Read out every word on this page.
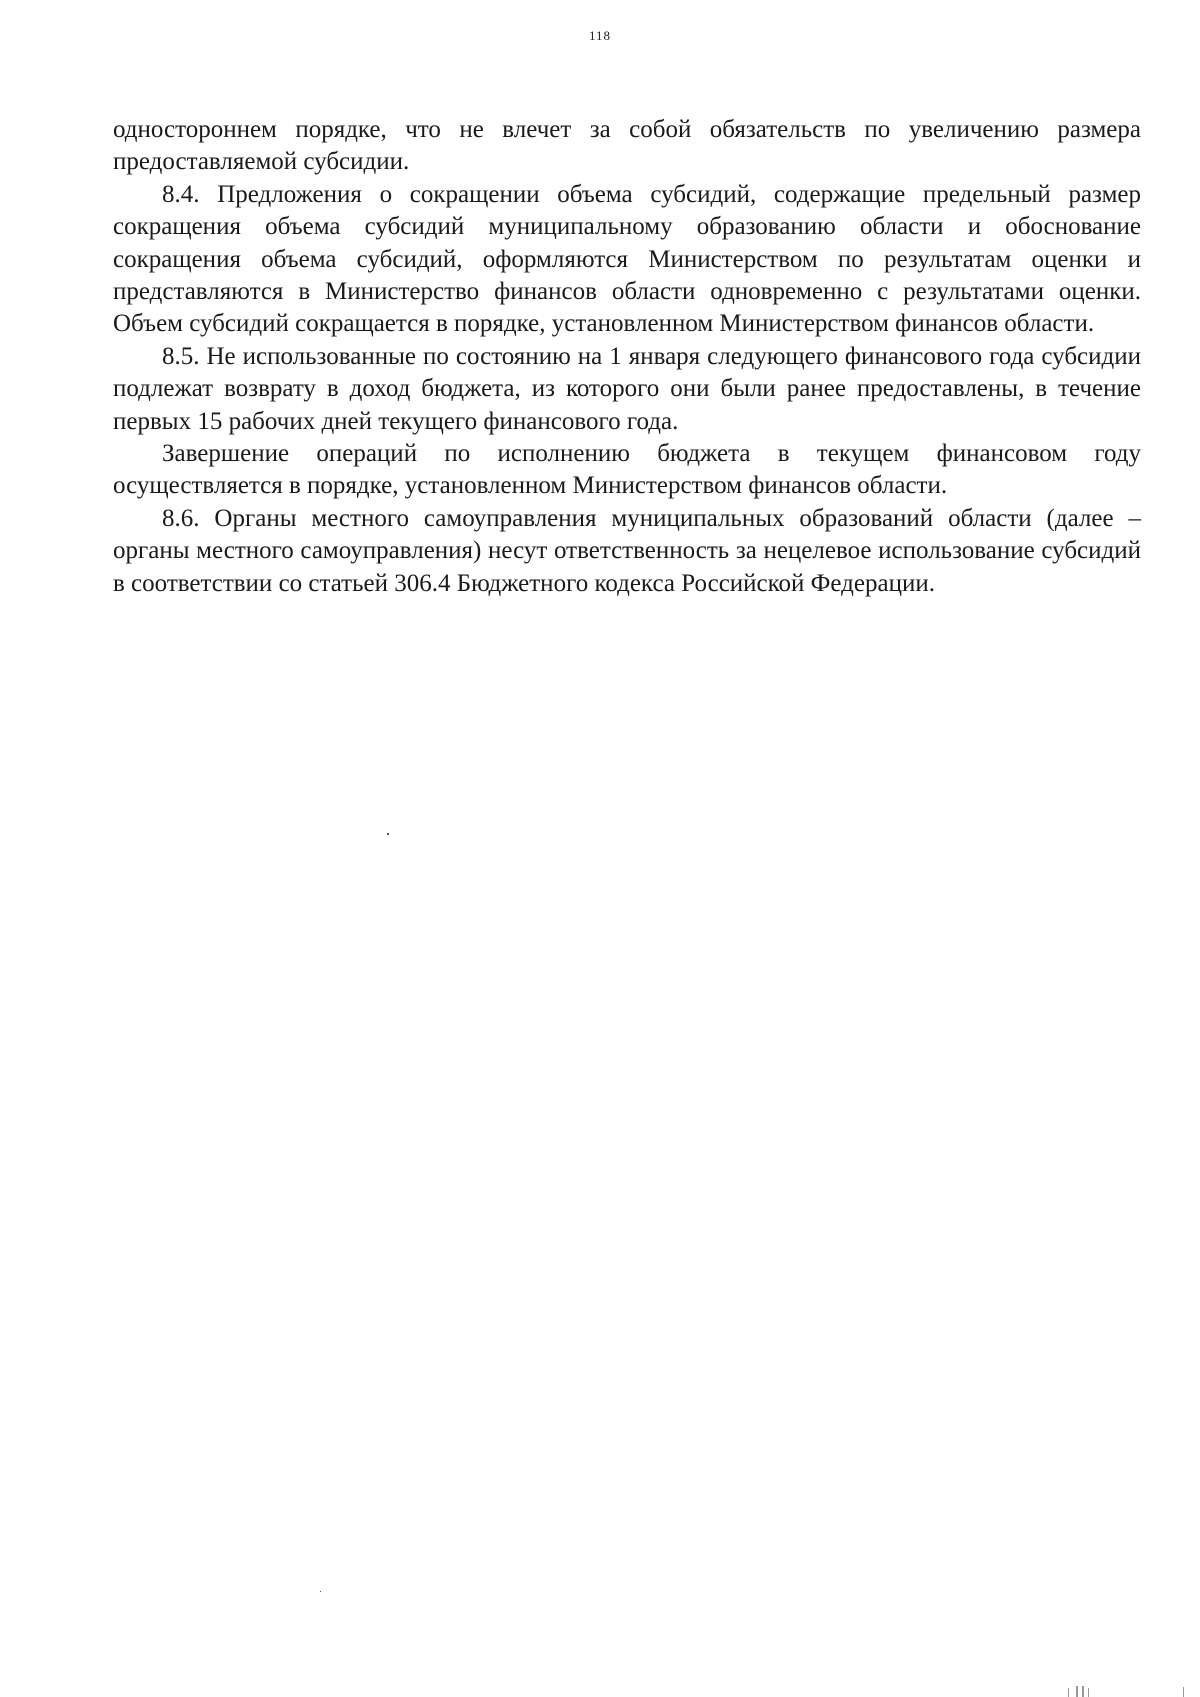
118

одностороннем порядке, что не влечет за собой обязательств по увеличению размера предоставляемой субсидии.

8.4. Предложения о сокращении объема субсидий, содержащие предельный размер сокращения объема субсидий муниципальному образованию области и обоснование сокращения объема субсидий, оформляются Министерством по результатам оценки и представляются в Министерство финансов области одновременно с результатами оценки. Объем субсидий сокращается в порядке, установленном Министерством финансов области.

8.5. Не использованные по состоянию на 1 января следующего финансового года субсидии подлежат возврату в доход бюджета, из которого они были ранее предоставлены, в течение первых 15 рабочих дней текущего финансового года.

Завершение операций по исполнению бюджета в текущем финансовом году осуществляется в порядке, установленном Министерством финансов области.

8.6. Органы местного самоуправления муниципальных образований области (далее – органы местного самоуправления) несут ответственность за нецелевое использование субсидий в соответствии со статьей 306.4 Бюджетного кодекса Российской Федерации.
